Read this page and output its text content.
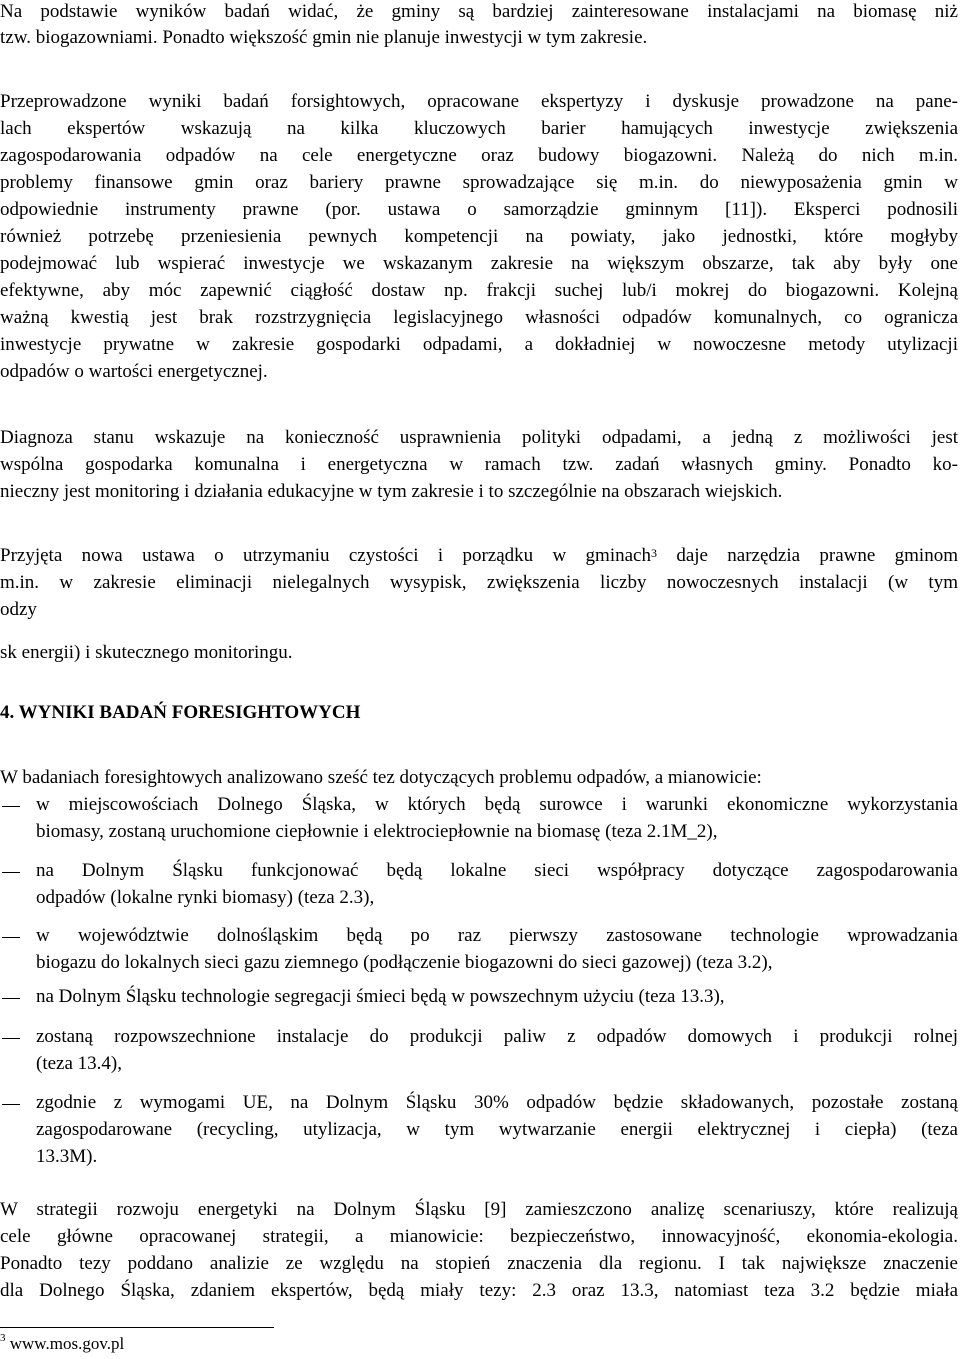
Na podstawie wyników badań widać, że gminy są bardziej zainteresowane instalacjami na biomasę niż
tzw. biogazowniami. Ponadto większość gmin nie planuje inwestycji w tym zakresie.
Przeprowadzone wyniki badań forsightowych, opracowane ekspertyzy i dyskusje prowadzone na pane-
lach ekspertów wskazują na kilka kluczowych barier hamujących inwestycje zwiększenia
zagospodarowania odpadów na cele energetyczne oraz budowy biogazowni. Należą do nich m.in.
problemy finansowe gmin oraz bariery prawne sprowadzające się m.in. do niewyposażenia gmin w
odpowiednie instrumenty prawne (por. ustawa o samorządzie gminnym [11]). Eksperci podnosili
również potrzebę przeniesienia pewnych kompetencji na powiaty, jako jednostki, które mogłyby
podejmować lub wspierać inwestycje we wskazanym zakresie na większym obszarze, tak aby były one
efektywne, aby móc zapewnić ciągłość dostaw np. frakcji suchej lub/i mokrej do biogazowni. Kolejną
ważną kwestią jest brak rozstrzygnięcia legislacyjnego własności odpadów komunalnych, co ogranicza
inwestycje prywatne w zakresie gospodarki odpadami, a dokładniej w nowoczesne metody utylizacji
odpadów o wartości energetycznej.
Diagnoza stanu wskazuje na konieczność usprawnienia polityki odpadami, a jedną z możliwości jest
wspólna gospodarka komunalna i energetyczna w ramach tzw. zadań własnych gminy. Ponadto ko-
nieczny jest monitoring i działania edukacyjne w tym zakresie i to szczególnie na obszarach wiejskich.
Przyjęta nowa ustawa o utrzymaniu czystości i porządku w gminach$^3$ daje narzędzia prawne gminom
m.in. w zakresie eliminacji nielegalnych wysypisk, zwiększenia liczby nowoczesnych instalacji (w tym
odzy
sk energii) i skutecznego monitoringu.
4. WYNIKI BADAŃ FORESIGHTOWYCH
W badaniach foresightowych analizowano sześć tez dotyczących problemu odpadów, a mianowicie:
w miejscowościach Dolnego Śląska, w których będą surowce i warunki ekonomiczne wykorzystania
biomasy, zostaną uruchomione ciepłownie i elektrociepłownie na biomasę (teza 2.1M_2),
na Dolnym Śląsku funkcjonować będą lokalne sieci współpracy dotyczące zagospodarowania
odpadów (lokalne rynki biomasy) (teza 2.3),
w województwie dolnośląskim będą po raz pierwszy zastosowane technologie wprowadzania
biogazu do lokalnych sieci gazu ziemnego (podłączenie biogazowni do sieci gazowej) (teza 3.2),
na Dolnym Śląsku technologie segregacji śmieci będą w powszechnym użyciu (teza 13.3),
zostaną rozpowszechnione instalacje do produkcji paliw z odpadów domowych i produkcji rolnej
(teza 13.4),
zgodnie z wymogami UE, na Dolnym Śląsku 30% odpadów będzie składowanych, pozostałe zostaną
zagospodarowane (recycling, utylizacja, w tym wytwarzanie energii elektrycznej i ciepła) (teza
13.3M).
W strategii rozwoju energetyki na Dolnym Śląsku [9] zamieszczono analizę scenariuszy, które realizują
cele główne opracowanej strategii, a mianowicie: bezpieczeństwo, innowacyjność, ekonomia-ekologia.
Ponadto tezy poddano analizie ze względu na stopień znaczenia dla regionu. I tak największe znaczenie
dla Dolnego Śląska, zdaniem ekspertów, będą miały tezy: 2.3 oraz 13.3, natomiast teza 3.2 będzie miała
$^3$ www.mos.gov.pl
